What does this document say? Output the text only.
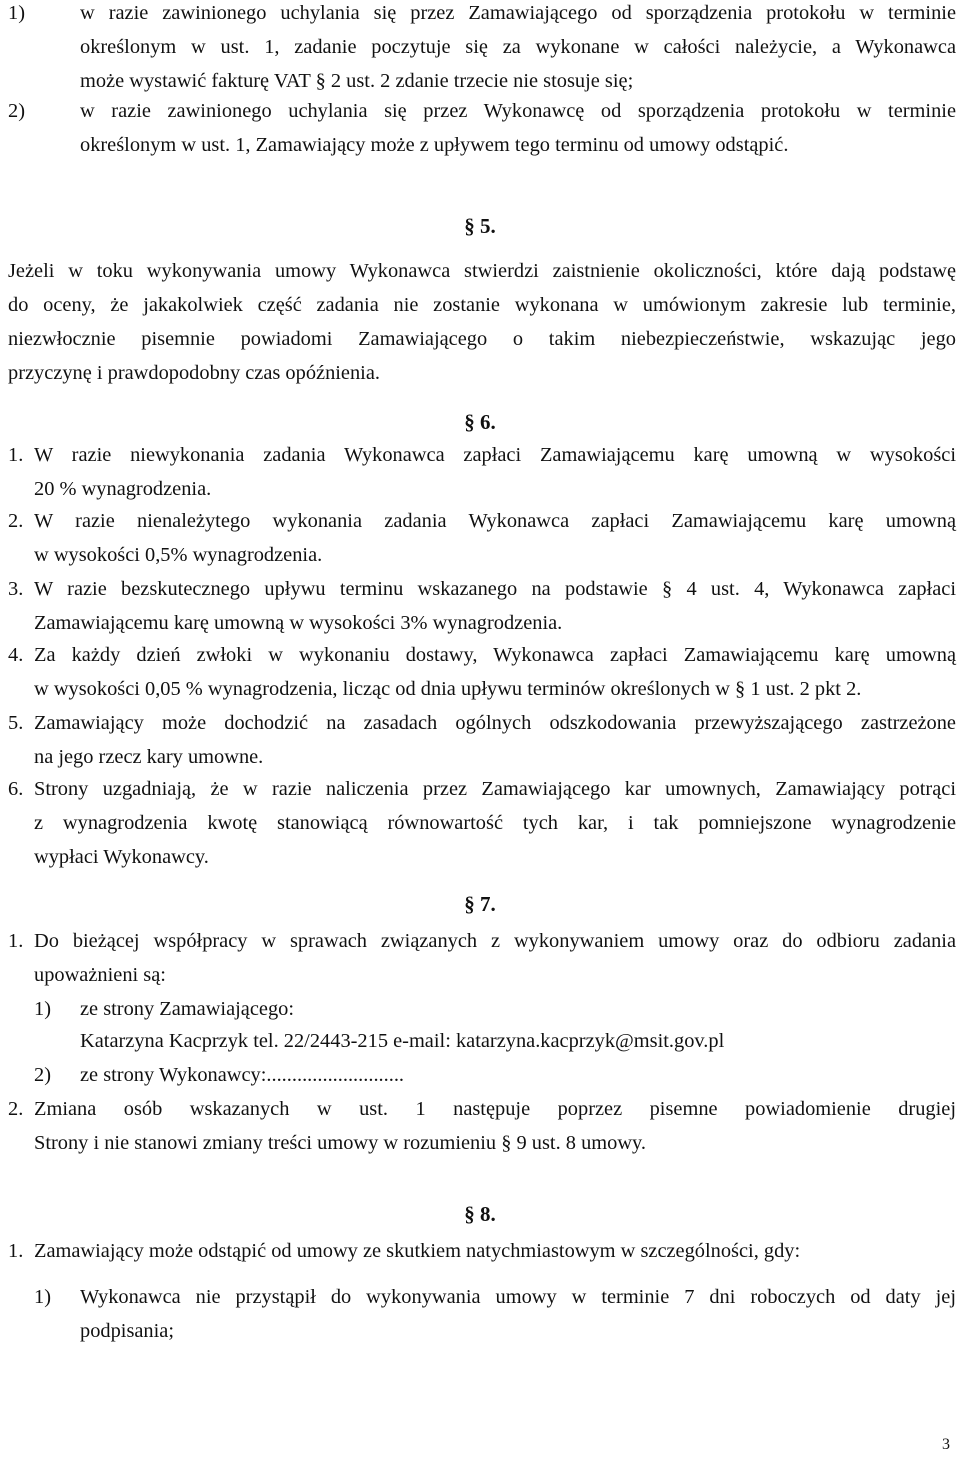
1)	w razie zawinionego uchylania się przez Zamawiającego od sporządzenia protokołu w terminie
określonym w ust. 1, zadanie poczytuje się za wykonane w całości należycie, a Wykonawca
może wystawić fakturę VAT § 2 ust. 2 zdanie trzecie nie stosuje się;
2)	w razie zawinionego uchylania się przez Wykonawcę od sporządzenia protokołu w terminie
określonym w ust. 1, Zamawiający może z upływem tego terminu od umowy odstąpić.
§ 5.
Jeżeli w toku wykonywania umowy Wykonawca stwierdzi zaistnienie okoliczności, które dają podstawę
do oceny, że jakakolwiek część zadania nie zostanie wykonana w umówionym zakresie lub terminie,
niezwłocznie pisemnie powiadomi Zamawiającego o takim niebezpieczeństwie, wskazując jego
przyczynę i prawdopodobny czas opóźnienia.
§ 6.
1. W razie niewykonania zadania Wykonawca zapłaci Zamawiającemu karę umowną w wysokości
20 % wynagrodzenia.
2. W razie nienależytego wykonania zadania Wykonawca zapłaci Zamawiającemu karę umowną
w wysokości 0,5% wynagrodzenia.
3. W razie bezskutecznego upływu terminu wskazanego na podstawie § 4 ust. 4, Wykonawca zapłaci
Zamawiającemu karę umowną w wysokości 3% wynagrodzenia.
4. Za każdy dzień zwłoki w wykonaniu dostawy, Wykonawca zapłaci Zamawiającemu karę umowną
w wysokości 0,05 % wynagrodzenia, licząc od dnia upływu terminów określonych w § 1 ust. 2 pkt 2.
5. Zamawiający może dochodzić na zasadach ogólnych odszkodowania przewyższającego zastrzeżone
na jego rzecz kary umowne.
6. Strony uzgadniają, że w razie naliczenia przez Zamawiającego kar umownych, Zamawiający potrąci
z wynagrodzenia kwotę stanowiącą równowartość tych kar, i tak pomniejszone wynagrodzenie
wypłaci Wykonawcy.
§ 7.
1. Do bieżącej współpracy w sprawach związanych z wykonywaniem umowy oraz do odbioru zadania
upoważnieni są:
1) ze strony Zamawiającego:
Katarzyna Kacprzyk tel. 22/2443-215 e-mail: katarzyna.kacprzyk@msit.gov.pl
2) ze strony Wykonawcy:...........................
2. Zmiana osób wskazanych w ust. 1 następuje poprzez pisemne powiadomienie drugiej
Strony i nie stanowi zmiany treści umowy w rozumieniu § 9 ust. 8 umowy.
§ 8.
1. Zamawiający może odstąpić od umowy ze skutkiem natychmiastowym w szczególności, gdy:
1) Wykonawca nie przystąpił do wykonywania umowy w terminie 7 dni roboczych od daty jej
podpisania;
3
